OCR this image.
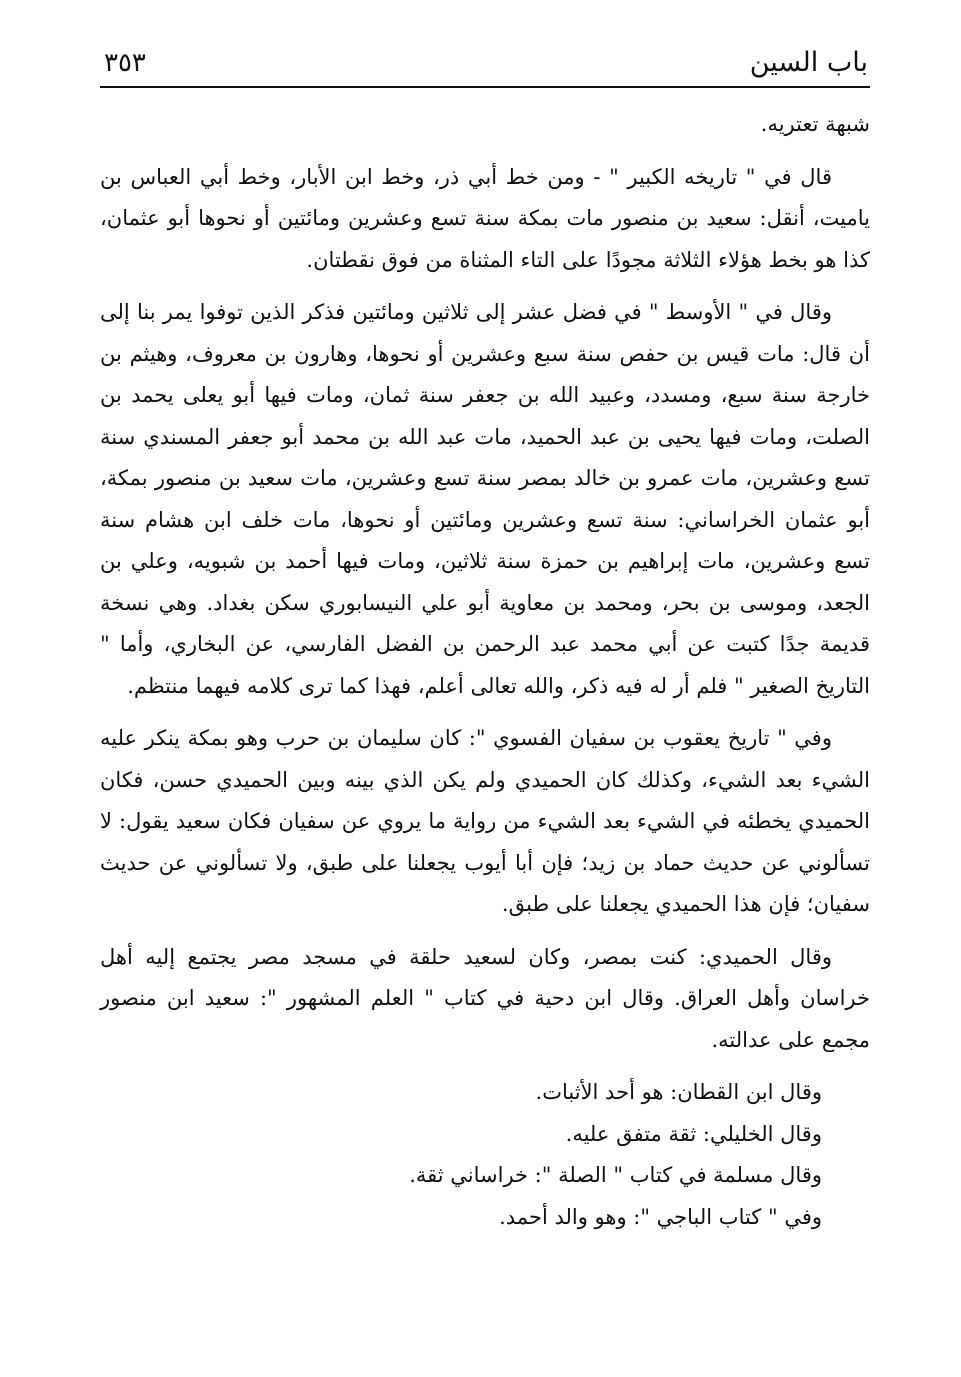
باب السين
٣٥٣

شبهة تعتريه.

قال في " تاريخه الكبير " - ومن خط أبي ذر، وخط ابن الأبار، وخط أبي العباس بن ياميت، أنقل: سعيد بن منصور مات بمكة سنة تسع وعشرين ومائتين أو نحوها أبو عثمان، كذا هو بخط هؤلاء الثلاثة مجودًا على التاء المثناة من فوق نقطتان.

وقال في " الأوسط " في فضل عشر إلى ثلاثين ومائتين فذكر الذين توفوا يمر بنا إلى أن قال: مات قيس بن حفص سنة سبع وعشرين أو نحوها، وهارون بن معروف، وهيثم بن خارجة سنة سبع، ومسدد، وعبيد الله بن جعفر سنة ثمان، ومات فيها أبو يعلى يحمد بن الصلت، ومات فيها يحيى بن عبد الحميد، مات عبد الله بن محمد أبو جعفر المسندي سنة تسع وعشرين، مات عمرو بن خالد بمصر سنة تسع وعشرين، مات سعيد بن منصور بمكة، أبو عثمان الخراساني: سنة تسع وعشرين ومائتين أو نحوها، مات خلف ابن هشام سنة تسع وعشرين، مات إبراهيم بن حمزة سنة ثلاثين، ومات فيها أحمد بن شبويه، وعلي بن الجعد، وموسى بن بحر، ومحمد بن معاوية أبو علي النيسابوري سكن بغداد. وهي نسخة قديمة جدًا كتبت عن أبي محمد عبد الرحمن بن الفضل الفارسي، عن البخاري، وأما " التاريخ الصغير " فلم أر له فيه ذكر، والله تعالى أعلم، فهذا كما ترى كلامه فيهما منتظم.

وفي " تاريخ يعقوب بن سفيان الفسوي ": كان سليمان بن حرب وهو بمكة ينكر عليه الشيء بعد الشيء، وكذلك كان الحميدي ولم يكن الذي بينه وبين الحميدي حسن، فكان الحميدي يخطئه في الشيء بعد الشيء من رواية ما يروي عن سفيان فكان سعيد يقول: لا تسألوني عن حديث حماد بن زيد؛ فإن أبا أيوب يجعلنا على طبق، ولا تسألوني عن حديث سفيان؛ فإن هذا الحميدي يجعلنا على طبق.

وقال الحميدي: كنت بمصر، وكان لسعيد حلقة في مسجد مصر يجتمع إليه أهل خراسان وأهل العراق. وقال ابن دحية في كتاب " العلم المشهور ": سعيد ابن منصور مجمع على عدالته.

وقال ابن القطان: هو أحد الأثبات.

وقال الخليلي: ثقة متفق عليه.

وقال مسلمة في كتاب " الصلة ": خراساني ثقة.

وفي " كتاب الباجي ": وهو والد أحمد.
